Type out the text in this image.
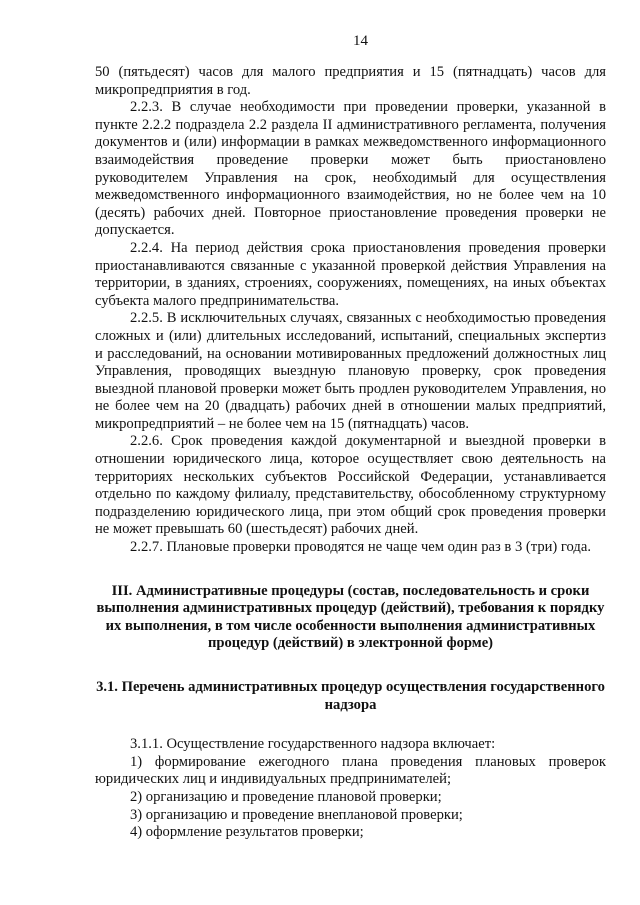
14

50 (пятьдесят) часов для малого предприятия и 15 (пятнадцать) часов для микропредприятия в год.

2.2.3. В случае необходимости при проведении проверки, указанной в пункте 2.2.2 подраздела 2.2 раздела II административного регламента, получения документов и (или) информации в рамках межведомственного информационного взаимодействия проведение проверки может быть приостановлено руководителем Управления на срок, необходимый для осуществления межведомственного информационного взаимодействия, но не более чем на 10 (десять) рабочих дней. Повторное приостановление проведения проверки не допускается.

2.2.4. На период действия срока приостановления проведения проверки приостанавливаются связанные с указанной проверкой действия Управления на территории, в зданиях, строениях, сооружениях, помещениях, на иных объектах субъекта малого предпринимательства.

2.2.5. В исключительных случаях, связанных с необходимостью проведения сложных и (или) длительных исследований, испытаний, специальных экспертиз и расследований, на основании мотивированных предложений должностных лиц Управления, проводящих выездную плановую проверку, срок проведения выездной плановой проверки может быть продлен руководителем Управления, но не более чем на 20 (двадцать) рабочих дней в отношении малых предприятий, микропредприятий – не более чем на 15 (пятнадцать) часов.

2.2.6. Срок проведения каждой документарной и выездной проверки в отношении юридического лица, которое осуществляет свою деятельность на территориях нескольких субъектов Российской Федерации, устанавливается отдельно по каждому филиалу, представительству, обособленному структурному подразделению юридического лица, при этом общий срок проведения проверки не может превышать 60 (шестьдесят) рабочих дней.

2.2.7. Плановые проверки проводятся не чаще чем один раз в 3 (три) года.

III. Административные процедуры (состав, последовательность и сроки выполнения административных процедур (действий), требования к порядку их выполнения, в том числе особенности выполнения административных процедур (действий) в электронной форме)

3.1. Перечень административных процедур осуществления государственного надзора

3.1.1. Осуществление государственного надзора включает:

1) формирование ежегодного плана проведения плановых проверок юридических лиц и индивидуальных предпринимателей;

2) организацию и проведение плановой проверки;

3) организацию и проведение внеплановой проверки;

4) оформление результатов проверки;
